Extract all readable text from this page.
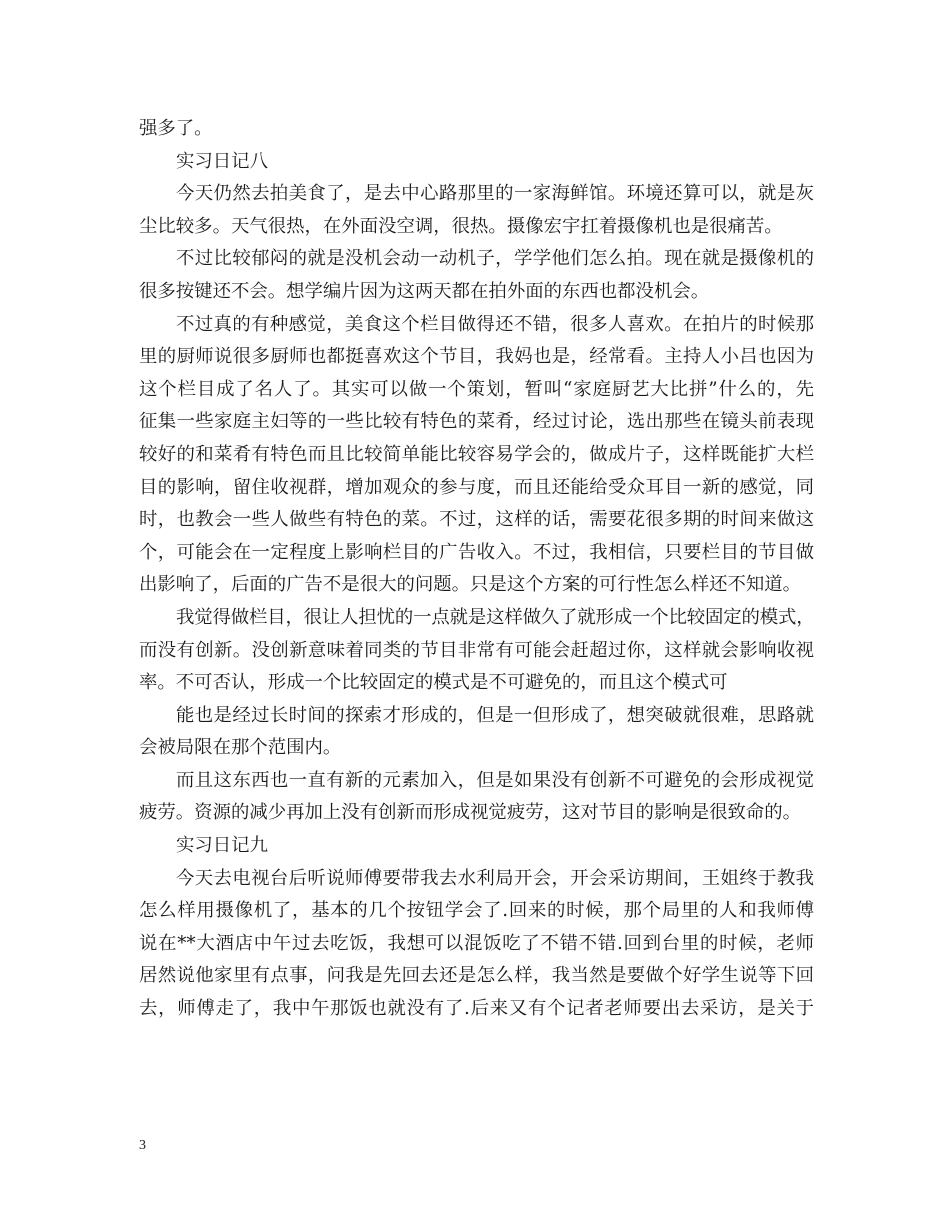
强多了。
实习日记八
今天仍然去拍美食了，是去中心路那里的一家海鲜馆。环境还算可以，就是灰
尘比较多。天气很热，在外面没空调，很热。摄像宏宇扛着摄像机也是很痛苦。
不过比较郁闷的就是没机会动一动机子，学学他们怎么拍。现在就是摄像机的
很多按键还不会。想学编片因为这两天都在拍外面的东西也都没机会。
不过真的有种感觉，美食这个栏目做得还不错，很多人喜欢。在拍片的时候那
里的厨师说很多厨师也都挺喜欢这个节目，我妈也是，经常看。主持人小吕也因为
这个栏目成了名人了。其实可以做一个策划，暂叫“家庭厨艺大比拼”什么的，先
征集一些家庭主妇等的一些比较有特色的菜肴，经过讨论，选出那些在镜头前表现
较好的和菜肴有特色而且比较简单能比较容易学会的，做成片子，这样既能扩大栏
目的影响，留住收视群，增加观众的参与度，而且还能给受众耳目一新的感觉，同
时，也教会一些人做些有特色的菜。不过，这样的话，需要花很多期的时间来做这
个，可能会在一定程度上影响栏目的广告收入。不过，我相信，只要栏目的节目做
出影响了，后面的广告不是很大的问题。只是这个方案的可行性怎么样还不知道。
我觉得做栏目，很让人担忧的一点就是这样做久了就形成一个比较固定的模式，
而没有创新。没创新意味着同类的节目非常有可能会赶超过你，这样就会影响收视
率。不可否认，形成一个比较固定的模式是不可避免的，而且这个模式可
能也是经过长时间的探索才形成的，但是一但形成了，想突破就很难，思路就
会被局限在那个范围内。
而且这东西也一直有新的元素加入，但是如果没有创新不可避免的会形成视觉
疲劳。资源的减少再加上没有创新而形成视觉疲劳，这对节目的影响是很致命的。
实习日记九
今天去电视台后听说师傅要带我去水利局开会，开会采访期间，王姐终于教我
怎么样用摄像机了，基本的几个按钮学会了.回来的时候，那个局里的人和我师傅
说在**大酒店中午过去吃饭，我想可以混饭吃了不错不错.回到台里的时候，老师
居然说他家里有点事，问我是先回去还是怎么样，我当然是要做个好学生说等下回
去，师傅走了，我中午那饭也就没有了.后来又有个记者老师要出去采访，是关于
3
